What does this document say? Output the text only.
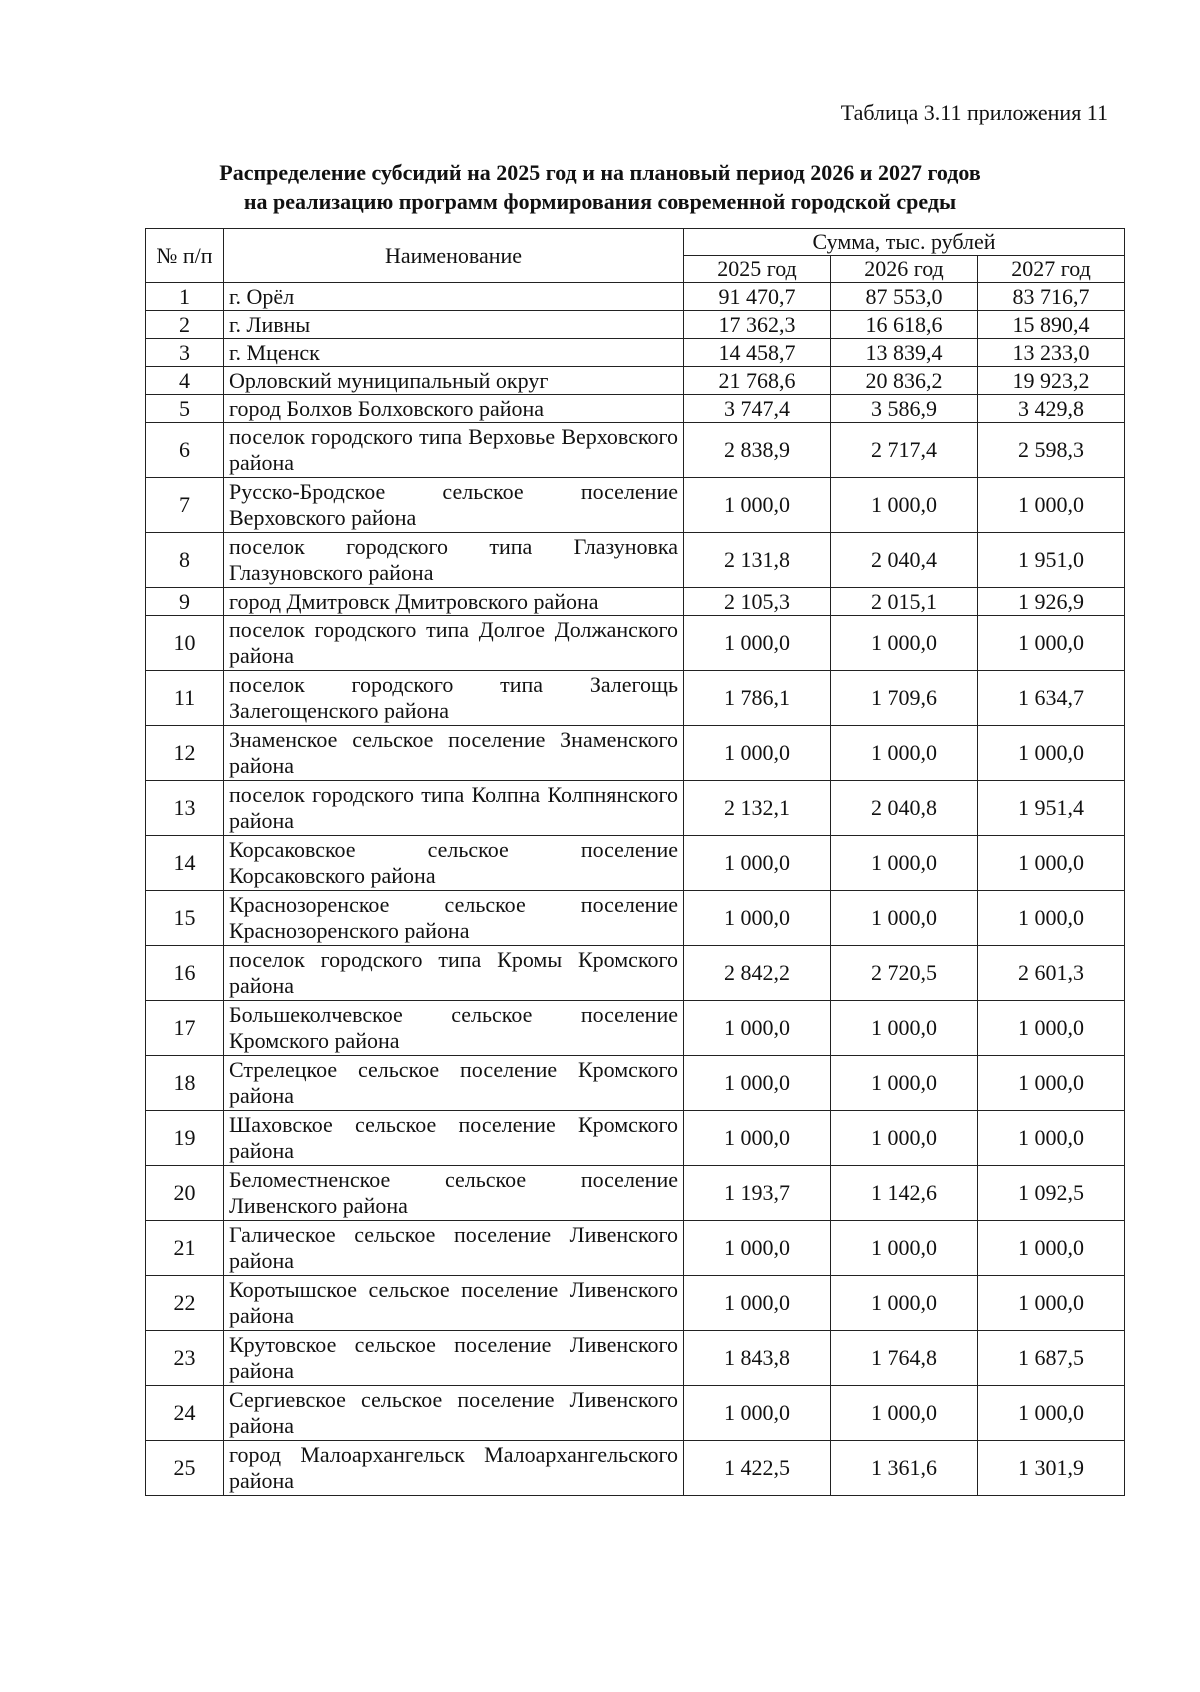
Таблица 3.11 приложения 11
Распределение субсидий на 2025 год и на плановый период 2026 и 2027 годов
на реализацию программ формирования современной городской среды
№ п/п	Наименование	Сумма, тыс. рублей		
		2025 год	2026 год	2027 год
1	г. Орёл	91 470,7	87 553,0	83 716,7
2	г. Ливны	17 362,3	16 618,6	15 890,4
3	г. Мценск	14 458,7	13 839,4	13 233,0
4	Орловский муниципальный округ	21 768,6	20 836,2	19 923,2
5	город Болхов Болховского района	3 747,4	3 586,9	3 429,8
6	поселок городского типа Верховье Верховского района	2 838,9	2 717,4	2 598,3
7	Русско-Бродское сельское поселение Верховского района	1 000,0	1 000,0	1 000,0
8	поселок городского типа Глазуновка Глазуновского района	2 131,8	2 040,4	1 951,0
9	город Дмитровск Дмитровского района	2 105,3	2 015,1	1 926,9
10	поселок городского типа Долгое Должанского района	1 000,0	1 000,0	1 000,0
11	поселок городского типа Залегощь Залегощенского района	1 786,1	1 709,6	1 634,7
12	Знаменское сельское поселение Знаменского района	1 000,0	1 000,0	1 000,0
13	поселок городского типа Колпна Колпнянского района	2 132,1	2 040,8	1 951,4
14	Корсаковское сельское поселение Корсаковского района	1 000,0	1 000,0	1 000,0
15	Краснозоренское сельское поселение Краснозоренского района	1 000,0	1 000,0	1 000,0
16	поселок городского типа Кромы Кромского района	2 842,2	2 720,5	2 601,3
17	Большеколчевское сельское поселение Кромского района	1 000,0	1 000,0	1 000,0
18	Стрелецкое сельское поселение Кромского района	1 000,0	1 000,0	1 000,0
19	Шаховское сельское поселение Кромского района	1 000,0	1 000,0	1 000,0
20	Беломестненское сельское поселение Ливенского района	1 193,7	1 142,6	1 092,5
21	Галическое сельское поселение Ливенского района	1 000,0	1 000,0	1 000,0
22	Коротышское сельское поселение Ливенского района	1 000,0	1 000,0	1 000,0
23	Крутовское сельское поселение Ливенского района	1 843,8	1 764,8	1 687,5
24	Сергиевское сельское поселение Ливенского района	1 000,0	1 000,0	1 000,0
25	город Малоархангельск Малоархангельского района	1 422,5	1 361,6	1 301,9
